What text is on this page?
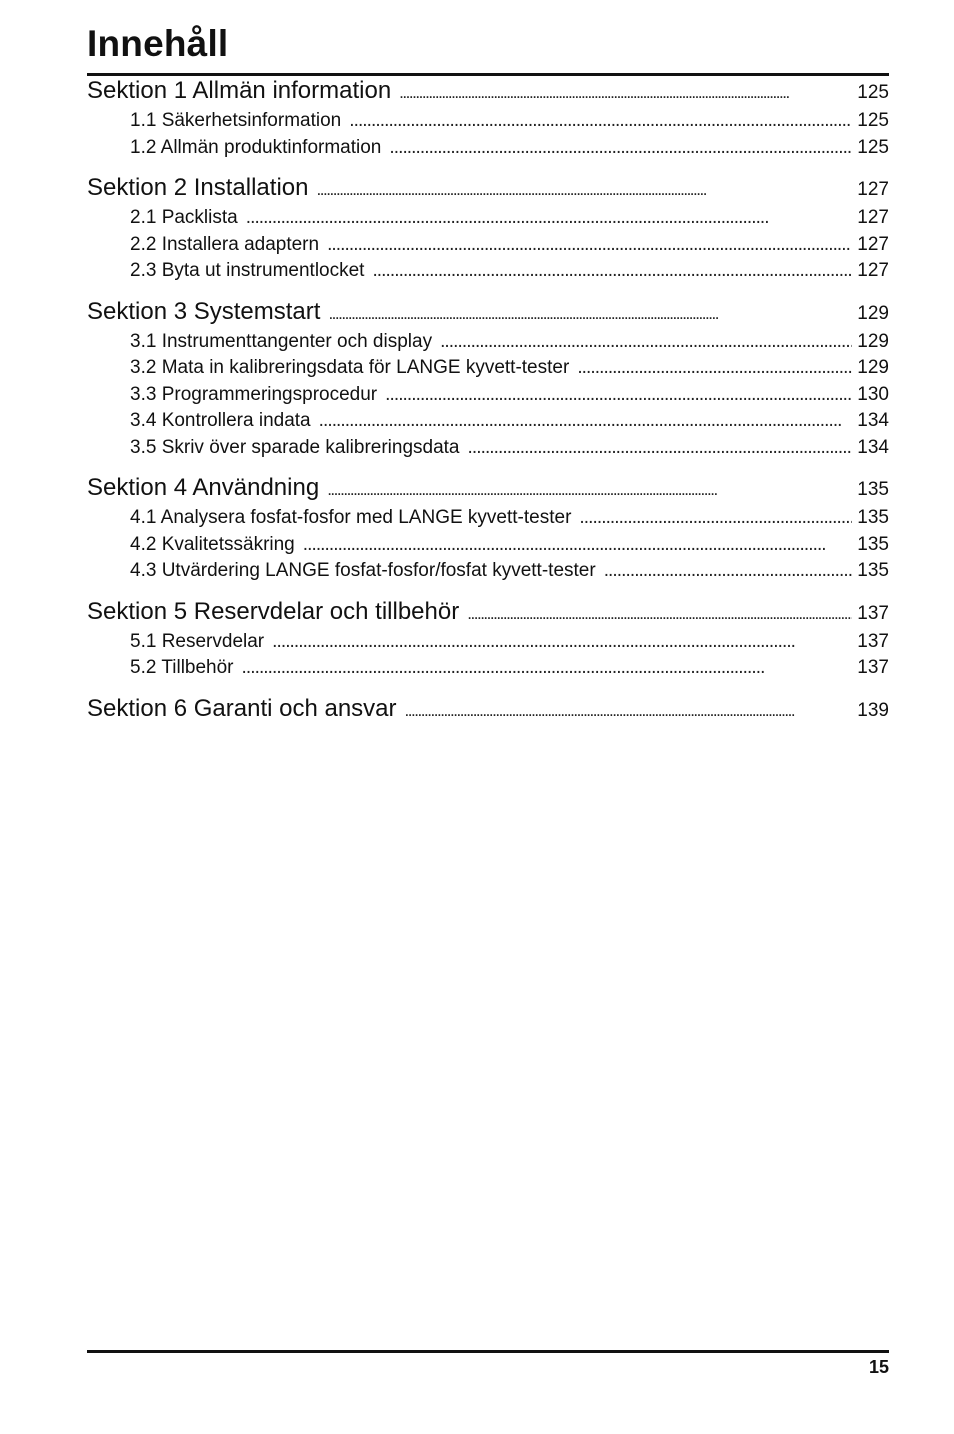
Innehåll
Sektion 1 Allmän information . . .	125
1.1 Säkerhetsinformation . . .	125
1.2 Allmän produktinformation . . .	125
Sektion 2 Installation . . .	127
2.1 Packlista . . .	127
2.2 Installera adaptern . . .	127
2.3 Byta ut instrumentlocket . . .	127
Sektion 3 Systemstart . . .	129
3.1 Instrumenttangenter och display . . .	129
3.2 Mata in kalibreringsdata för LANGE kyvett-tester . . .	129
3.3 Programmeringsprocedur . . .	130
3.4 Kontrollera indata . . .	134
3.5 Skriv över sparade kalibreringsdata . . .	134
Sektion 4 Användning . . .	135
4.1 Analysera fosfat-fosfor med LANGE kyvett-tester . . .	135
4.2 Kvalitetssäkring . . .	135
4.3 Utvärdering LANGE fosfat-fosfor/fosfat kyvett-tester . . .	135
Sektion 5 Reservdelar och tillbehör . . .	137
5.1 Reservdelar . . .	137
5.2 Tillbehör . . .	137
Sektion 6 Garanti och ansvar . . .	139
15
